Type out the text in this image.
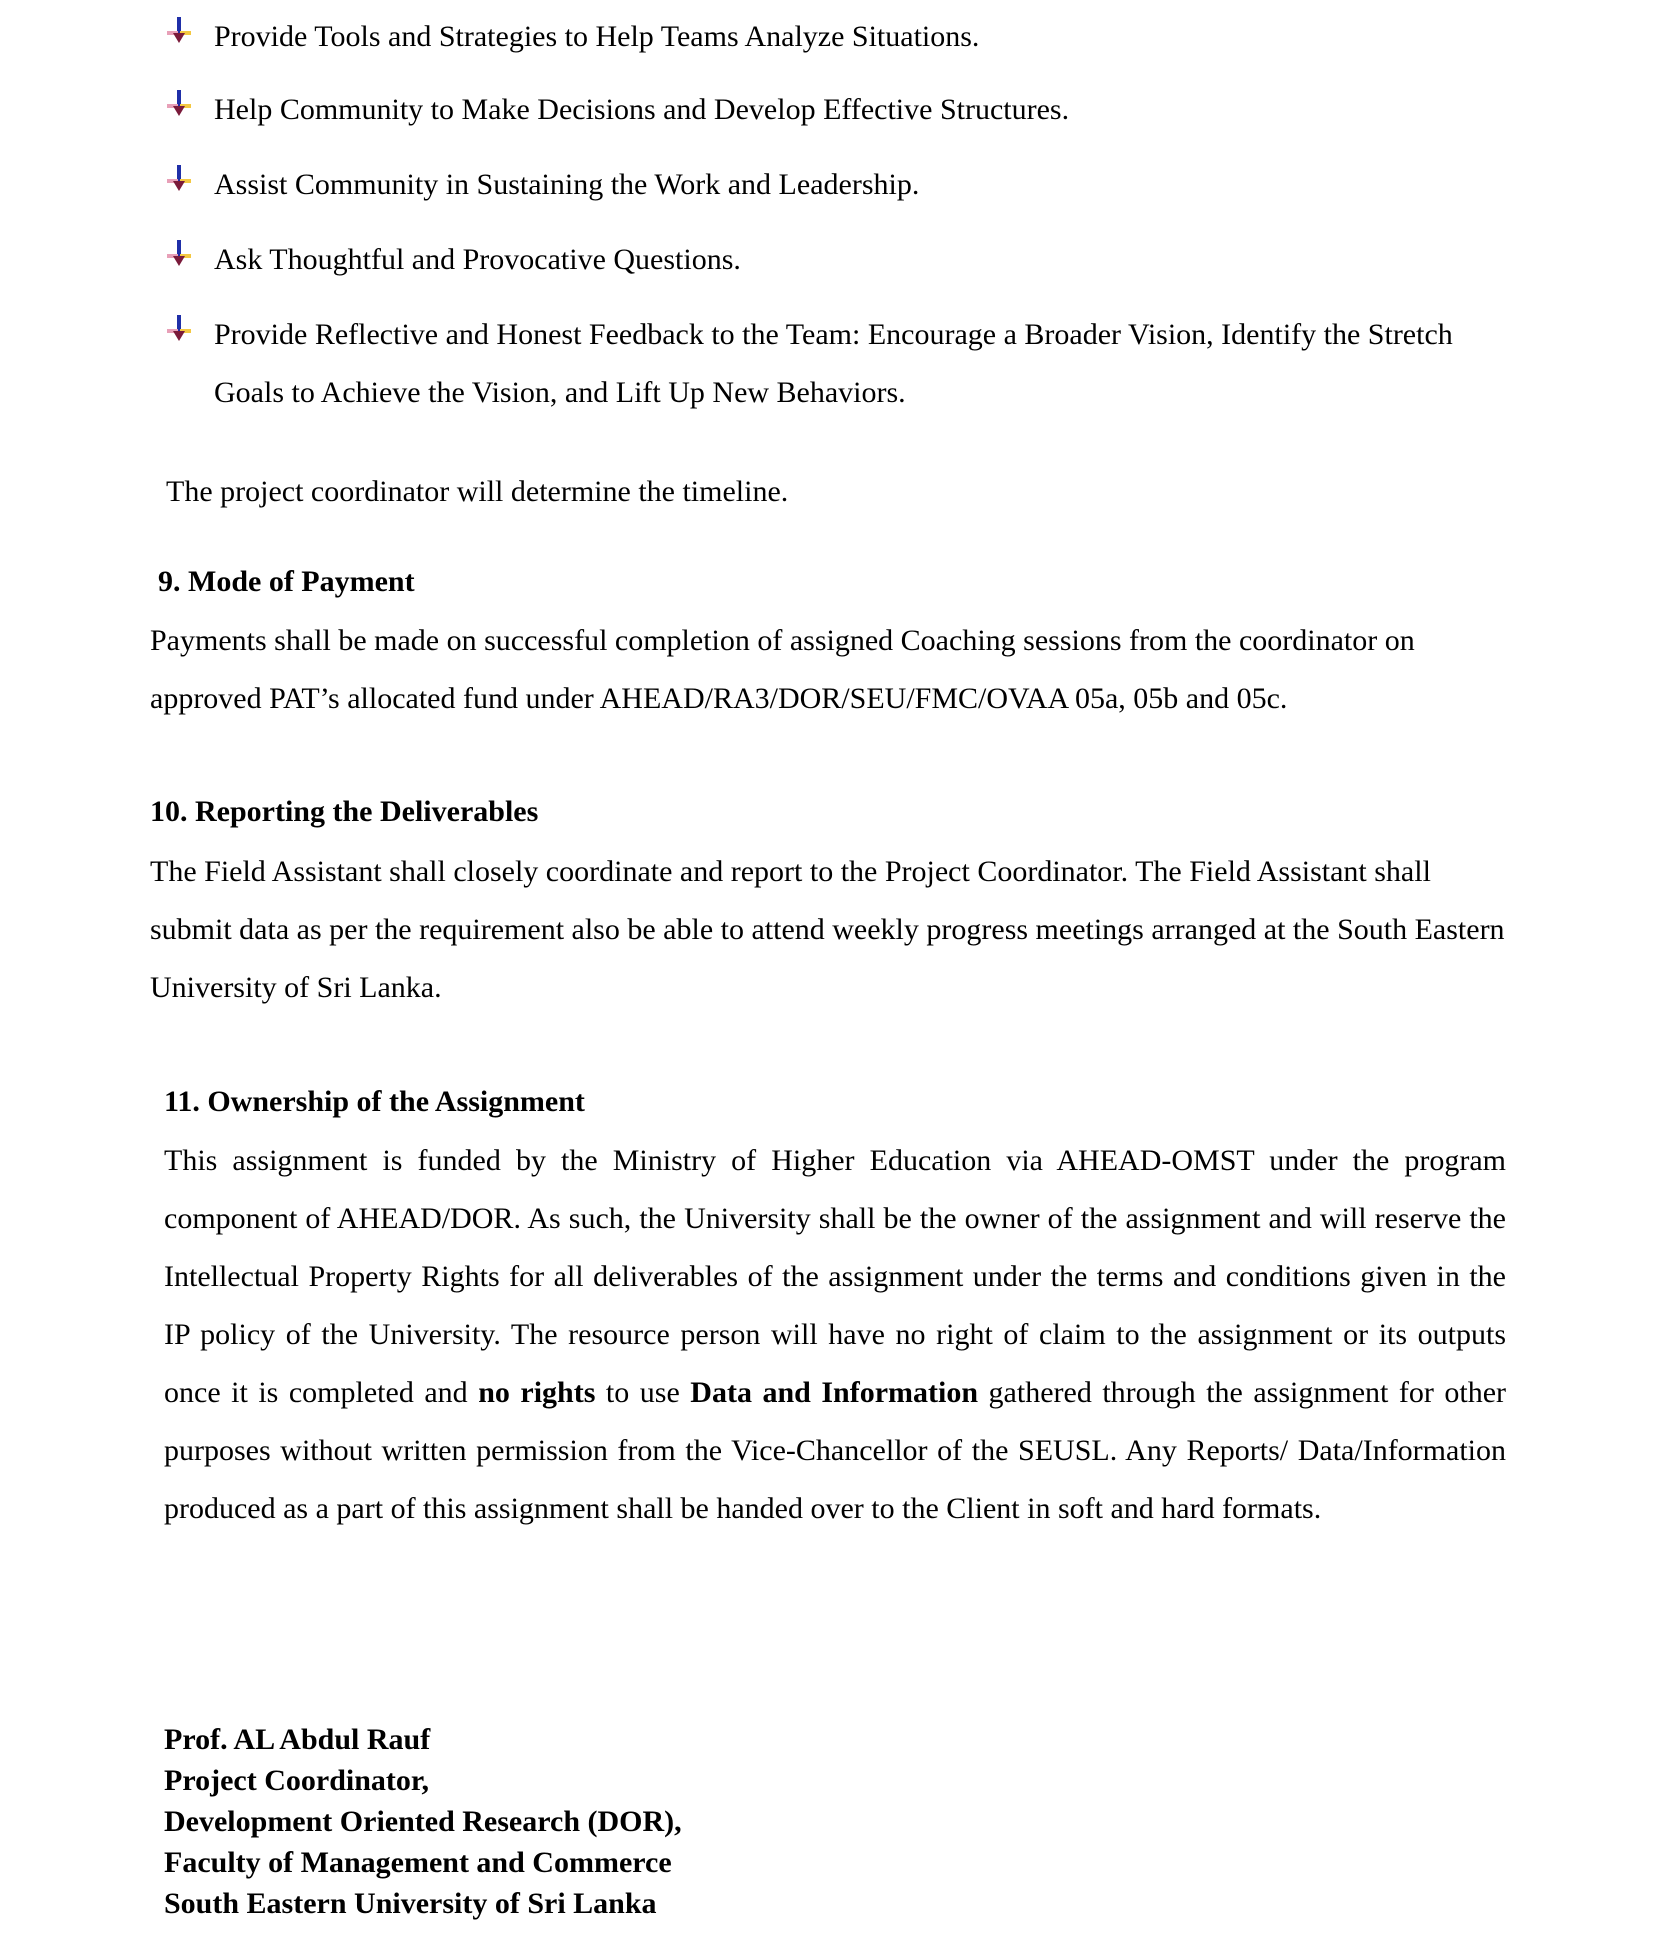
Provide Tools and Strategies to Help Teams Analyze Situations.
Help Community to Make Decisions and Develop Effective Structures.
Assist Community in Sustaining the Work and Leadership.
Ask Thoughtful and Provocative Questions.
Provide Reflective and Honest Feedback to the Team: Encourage a Broader Vision, Identify the Stretch Goals to Achieve the Vision, and Lift Up New Behaviors.
The project coordinator will determine the timeline.
9. Mode of Payment
Payments shall be made on successful completion of assigned Coaching sessions from the coordinator on approved PAT’s allocated fund under AHEAD/RA3/DOR/SEU/FMC/OVAA 05a, 05b and 05c.
10. Reporting the Deliverables
The Field Assistant shall closely coordinate and report to the Project Coordinator. The Field Assistant shall submit data as per the requirement also be able to attend weekly progress meetings arranged at the South Eastern University of Sri Lanka.
11. Ownership of the Assignment
This assignment is funded by the Ministry of Higher Education via AHEAD-OMST under the program component of AHEAD/DOR. As such, the University shall be the owner of the assignment and will reserve the Intellectual Property Rights for all deliverables of the assignment under the terms and conditions given in the IP policy of the University. The resource person will have no right of claim to the assignment or its outputs once it is completed and no rights to use Data and Information gathered through the assignment for other purposes without written permission from the Vice-Chancellor of the SEUSL. Any Reports/ Data/Information produced as a part of this assignment shall be handed over to the Client in soft and hard formats.
Prof. AL Abdul Rauf
Project Coordinator,
Development Oriented Research (DOR),
Faculty of Management and Commerce
South Eastern University of Sri Lanka
